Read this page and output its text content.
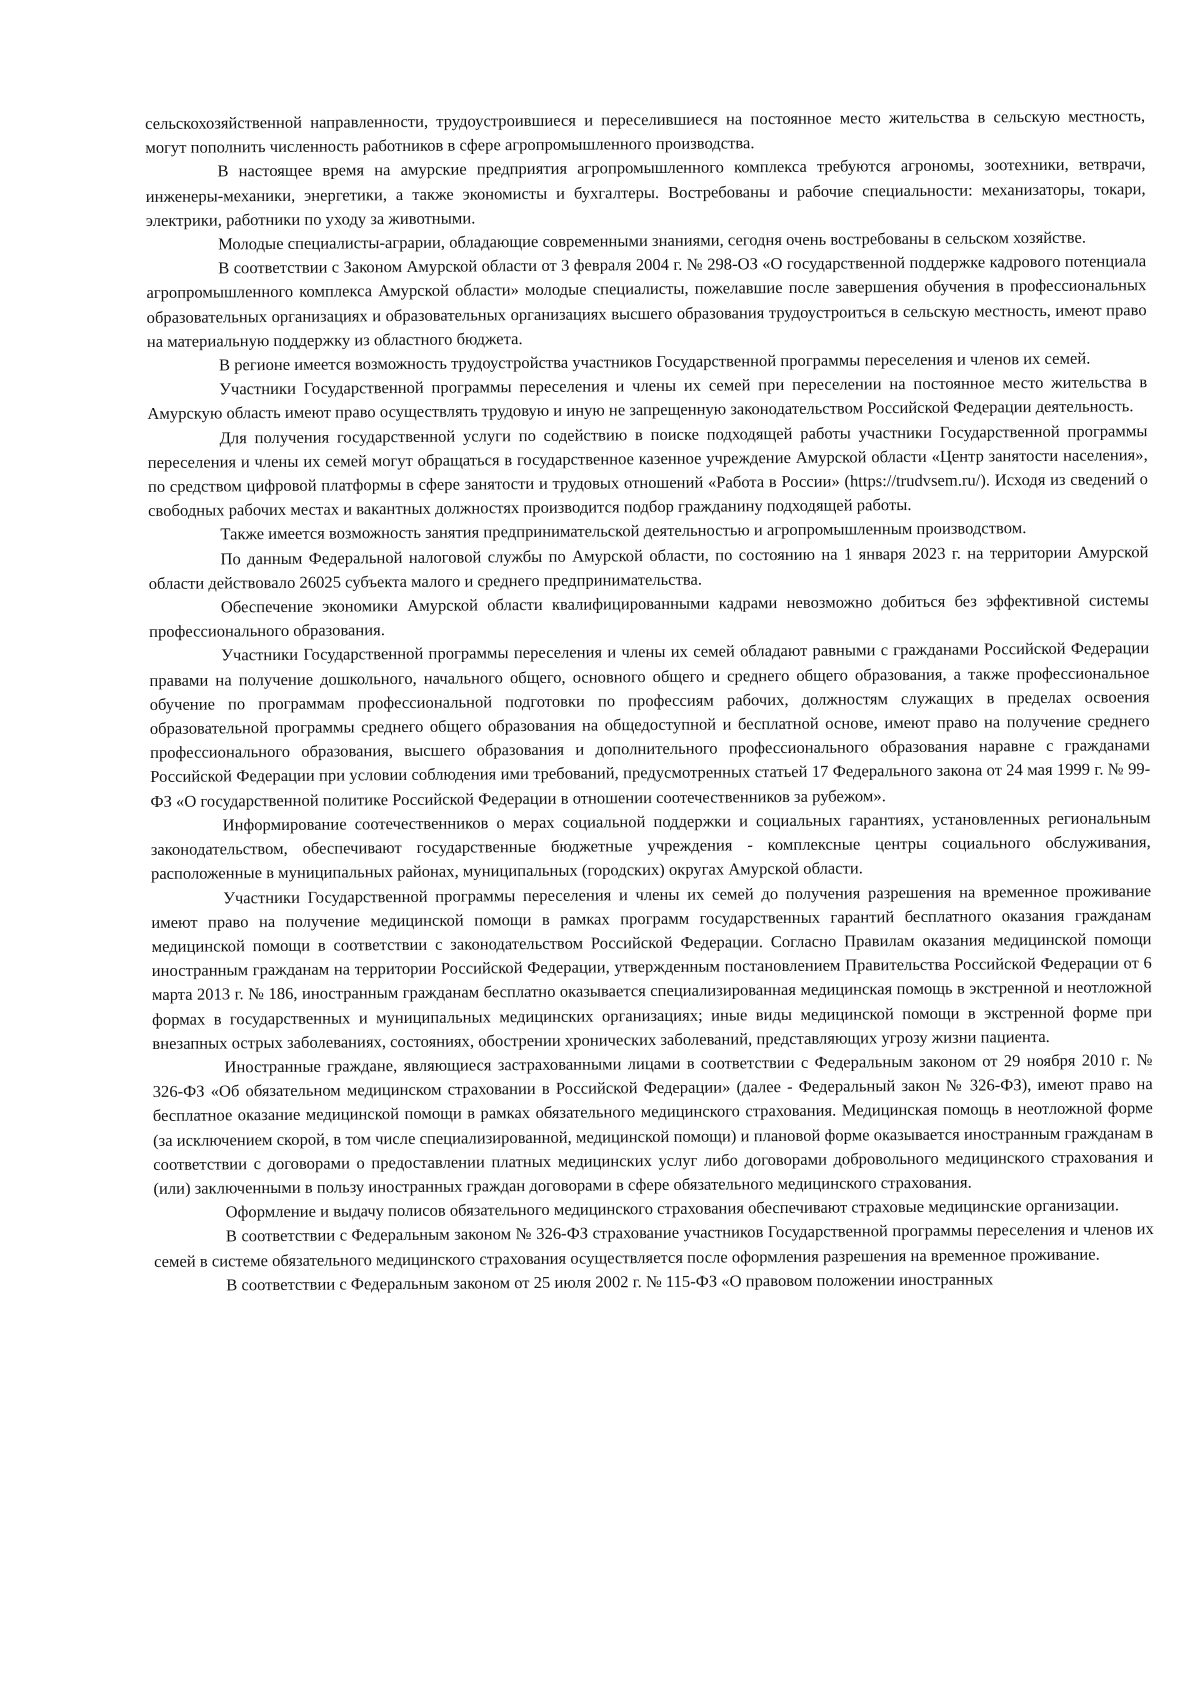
сельскохозяйственной направленности, трудоустроившиеся и переселившиеся на постоянное место жительства в сельскую местность, могут пополнить численность работников в сфере агропромышленного производства.

В настоящее время на амурские предприятия агропромышленного комплекса требуются агрономы, зоотехники, ветврачи, инженеры-механики, энергетики, а также экономисты и бухгалтеры. Востребованы и рабочие специальности: механизаторы, токари, электрики, работники по уходу за животными.

Молодые специалисты-аграрии, обладающие современными знаниями, сегодня очень востребованы в сельском хозяйстве.

В соответствии с Законом Амурской области от 3 февраля 2004 г. № 298-ОЗ «О государственной поддержке кадрового потенциала агропромышленного комплекса Амурской области» молодые специалисты, пожелавшие после завершения обучения в профессиональных образовательных организациях и образовательных организациях высшего образования трудоустроиться в сельскую местность, имеют право на материальную поддержку из областного бюджета.

В регионе имеется возможность трудоустройства участников Государственной программы переселения и членов их семей.

Участники Государственной программы переселения и члены их семей при переселении на постоянное место жительства в Амурскую область имеют право осуществлять трудовую и иную не запрещенную законодательством Российской Федерации деятельность.

Для получения государственной услуги по содействию в поиске подходящей работы участники Государственной программы переселения и члены их семей могут обращаться в государственное казенное учреждение Амурской области «Центр занятости населения», по средством цифровой платформы в сфере занятости и трудовых отношений «Работа в России» (https://trudvsem.ru/). Исходя из сведений о свободных рабочих местах и вакантных должностях производится подбор гражданину подходящей работы.

Также имеется возможность занятия предпринимательской деятельностью и агропромышленным производством.

По данным Федеральной налоговой службы по Амурской области, по состоянию на 1 января 2023 г. на территории Амурской области действовало 26025 субъекта малого и среднего предпринимательства.

Обеспечение экономики Амурской области квалифицированными кадрами невозможно добиться без эффективной системы профессионального образования.

Участники Государственной программы переселения и члены их семей обладают равными с гражданами Российской Федерации правами на получение дошкольного, начального общего, основного общего и среднего общего образования, а также профессиональное обучение по программам профессиональной подготовки по профессиям рабочих, должностям служащих в пределах освоения образовательной программы среднего общего образования на общедоступной и бесплатной основе, имеют право на получение среднего профессионального образования, высшего образования и дополнительного профессионального образования наравне с гражданами Российской Федерации при условии соблюдения ими требований, предусмотренных статьей 17 Федерального закона от 24 мая 1999 г. № 99-ФЗ «О государственной политике Российской Федерации в отношении соотечественников за рубежом».

Информирование соотечественников о мерах социальной поддержки и социальных гарантиях, установленных региональным законодательством, обеспечивают государственные бюджетные учреждения - комплексные центры социального обслуживания, расположенные в муниципальных районах, муниципальных (городских) округах Амурской области.

Участники Государственной программы переселения и члены их семей до получения разрешения на временное проживание имеют право на получение медицинской помощи в рамках программ государственных гарантий бесплатного оказания гражданам медицинской помощи в соответствии с законодательством Российской Федерации. Согласно Правилам оказания медицинской помощи иностранным гражданам на территории Российской Федерации, утвержденным постановлением Правительства Российской Федерации от 6 марта 2013 г. № 186, иностранным гражданам бесплатно оказывается специализированная медицинская помощь в экстренной и неотложной формах в государственных и муниципальных медицинских организациях; иные виды медицинской помощи в экстренной форме при внезапных острых заболеваниях, состояниях, обострении хронических заболеваний, представляющих угрозу жизни пациента.

Иностранные граждане, являющиеся застрахованными лицами в соответствии с Федеральным законом от 29 ноября 2010 г. № 326-ФЗ «Об обязательном медицинском страховании в Российской Федерации» (далее - Федеральный закон № 326-ФЗ), имеют право на бесплатное оказание медицинской помощи в рамках обязательного медицинского страхования. Медицинская помощь в неотложной форме (за исключением скорой, в том числе специализированной, медицинской помощи) и плановой форме оказывается иностранным гражданам в соответствии с договорами о предоставлении платных медицинских услуг либо договорами добровольного медицинского страхования и (или) заключенными в пользу иностранных граждан договорами в сфере обязательного медицинского страхования.

Оформление и выдачу полисов обязательного медицинского страхования обеспечивают страховые медицинские организации.

В соответствии с Федеральным законом № 326-ФЗ страхование участников Государственной программы переселения и членов их семей в системе обязательного медицинского страхования осуществляется после оформления разрешения на временное проживание.

В соответствии с Федеральным законом от 25 июля 2002 г. № 115-ФЗ «О правовом положении иностранных
